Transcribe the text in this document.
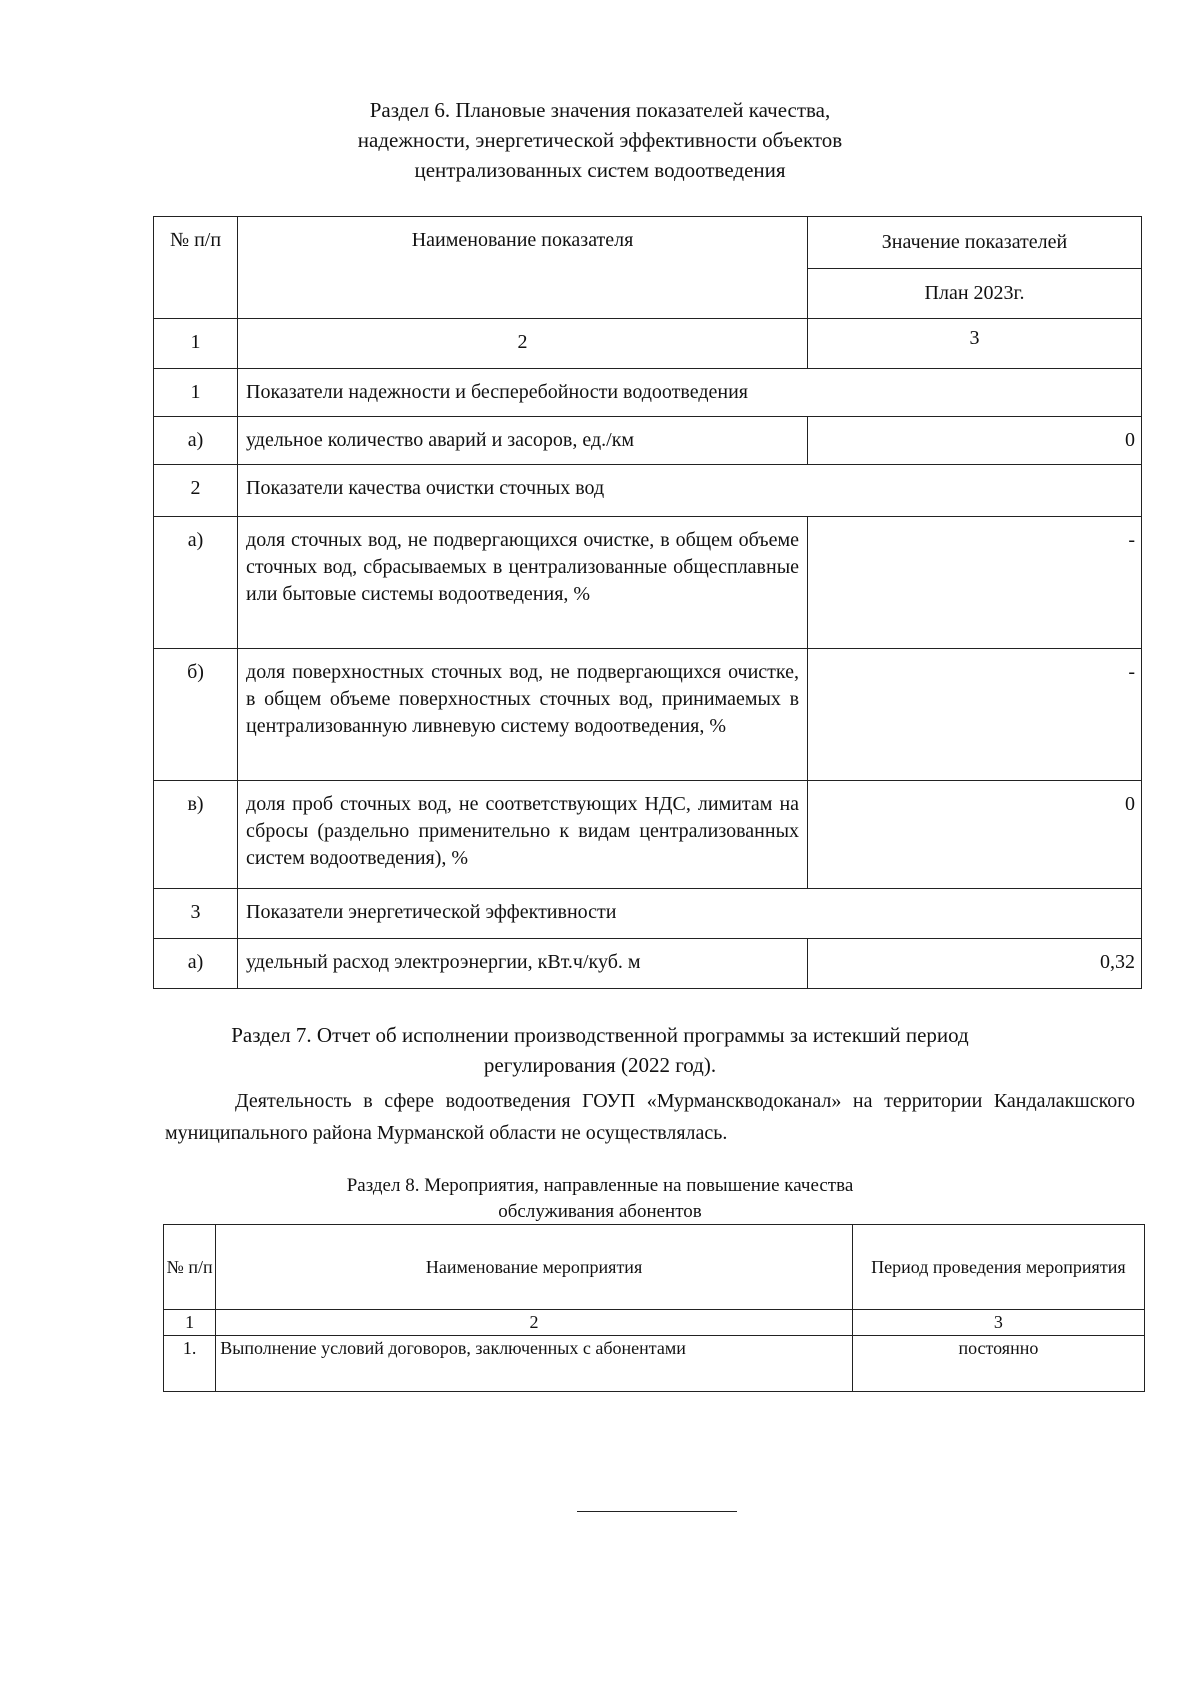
Раздел 6. Плановые значения показателей качества,
надежности, энергетической эффективности объектов
централизованных систем водоотведения
№ п/п	Наименование показателя	Значение показателей
		План 2023г.
1	2	3
1	Показатели надежности и бесперебойности водоотведения	
а)	удельное количество аварий и засоров, ед./км	0
2	Показатели качества очистки сточных вод	
а)	доля сточных вод, не подвергающихся очистке, в общем объеме сточных вод, сбрасываемых в централизованные общесплавные или бытовые системы водоотведения, %	-
б)	доля поверхностных сточных вод, не подвергающихся очистке, в общем объеме поверхностных сточных вод, принимаемых в централизованную ливневую систему водоотведения, %	-
в)	доля проб сточных вод, не соответствующих НДС, лимитам на сбросы (раздельно применительно к видам централизованных систем водоотведения), %	0
3	Показатели энергетической эффективности	
а)	удельный расход электроэнергии, кВт.ч/куб. м	0,32
Раздел 7. Отчет об исполнении производственной программы за истекший период
регулирования (2022 год).
Деятельность в сфере водоотведения ГОУП «Мурманскводоканал» на территории Кандалакшского муниципального района Мурманской области не осуществлялась.
Раздел 8. Мероприятия, направленные на повышение качества
обслуживания абонентов
№ п/п	Наименование мероприятия	Период проведения мероприятия
1	2	3
1.	Выполнение условий договоров, заключенных с абонентами	постоянно
